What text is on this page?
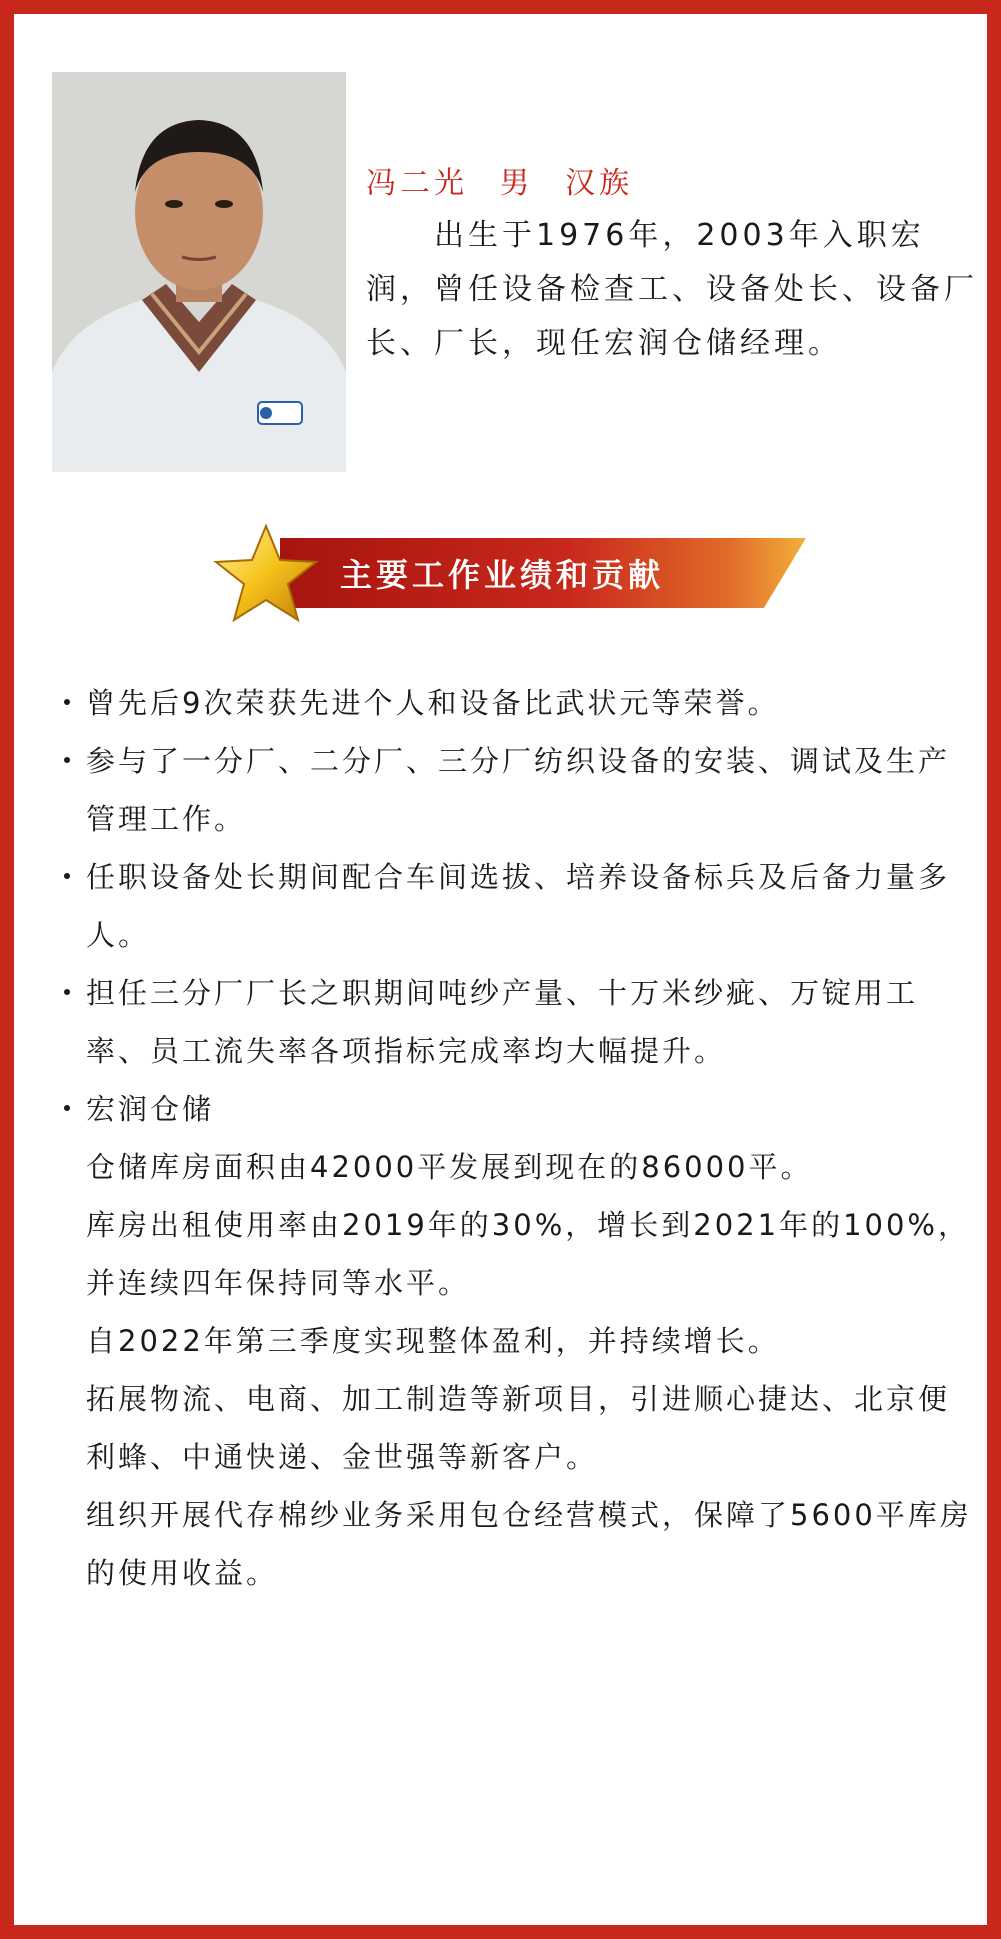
冯二光 男 汉族
出生于1976年，2003年入职宏润，曾任设备检查工、设备处长、设备厂长、厂长，现任宏润仓储经理。
主要工作业绩和贡献
曾先后9次荣获先进个人和设备比武状元等荣誉。
参与了一分厂、二分厂、三分厂纺织设备的安装、调试及生产管理工作。
任职设备处长期间配合车间选拔、培养设备标兵及后备力量多人。
担任三分厂厂长之职期间吨纱产量、十万米纱疵、万锭用工率、员工流失率各项指标完成率均大幅提升。
宏润仓储
仓储库房面积由42000平发展到现在的86000平。
库房出租使用率由2019年的30%，增长到2021年的100%，并连续四年保持同等水平。
自2022年第三季度实现整体盈利，并持续增长。
拓展物流、电商、加工制造等新项目，引进顺心捷达、北京便利蜂、中通快递、金世强等新客户。
组织开展代存棉纱业务采用包仓经营模式，保障了5600平库房的使用收益。
